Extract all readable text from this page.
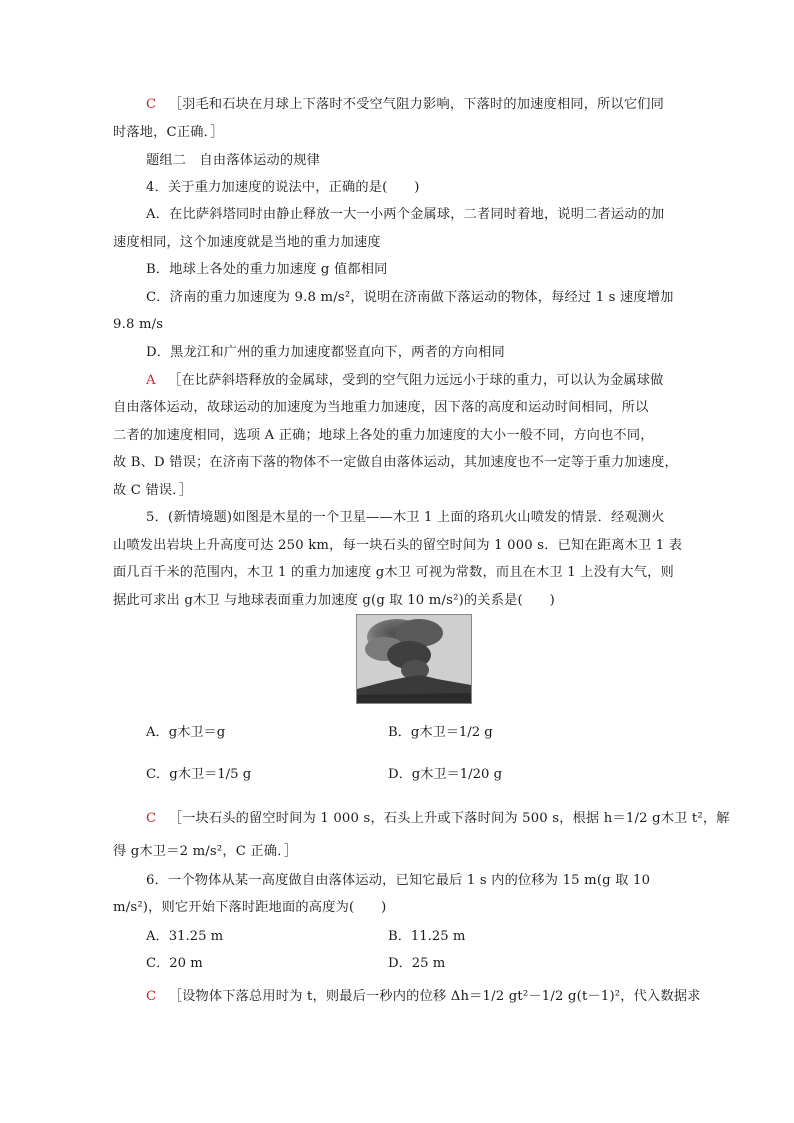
C ［羽毛和石块在月球上下落时不受空气阻力影响，下落时的加速度相同，所以它们同
时落地，C正确．］
题组二　自由落体运动的规律
4．关于重力加速度的说法中，正确的是(　　)
A．在比萨斜塔同时由静止释放一大一小两个金属球，二者同时着地，说明二者运动的加
速度相同，这个加速度就是当地的重力加速度
B．地球上各处的重力加速度 g 值都相同
C．济南的重力加速度为 9.8 m/s²，说明在济南做下落运动的物体，每经过 1 s 速度增加
9.8 m/s
D．黑龙江和广州的重力加速度都竖直向下，两者的方向相同
A ［在比萨斜塔释放的金属球，受到的空气阻力远远小于球的重力，可以认为金属球做
自由落体运动，故球运动的加速度为当地重力加速度，因下落的高度和运动时间相同，所以
二者的加速度相同，选项 A 正确；地球上各处的重力加速度的大小一般不同，方向也不同，
故 B、D 错误；在济南下落的物体不一定做自由落体运动，其加速度也不一定等于重力加速度，
故 C 错误．］
5．(新情境题)如图是木星的一个卫星——木卫 1 上面的珞玑火山喷发的情景．经观测火
山喷发出岩块上升高度可达 250 km，每一块石头的留空时间为 1 000 s．已知在距离木卫 1 表
面几百千米的范围内，木卫 1 的重力加速度 g木卫 可视为常数，而且在木卫 1 上没有大气，则
据此可求出 g木卫 与地球表面重力加速度 g(g 取 10 m/s²)的关系是(　　)
A．g木卫＝g	B．g木卫＝1/2 g
C．g木卫＝1/5 g	D．g木卫＝1/20 g
C ［一块石头的留空时间为 1 000 s，石头上升或下落时间为 500 s，根据 h＝1/2 g木卫 t²，解
得 g木卫＝2 m/s²，C 正确．］
6．一个物体从某一高度做自由落体运动，已知它最后 1 s 内的位移为 15 m(g 取 10
m/s²)，则它开始下落时距地面的高度为(　　)
A．31.25 m	B．11.25 m
C．20 m	D．25 m
C ［设物体下落总用时为 t，则最后一秒内的位移 Δh＝1/2 gt²－1/2 g(t－1)²，代入数据求
